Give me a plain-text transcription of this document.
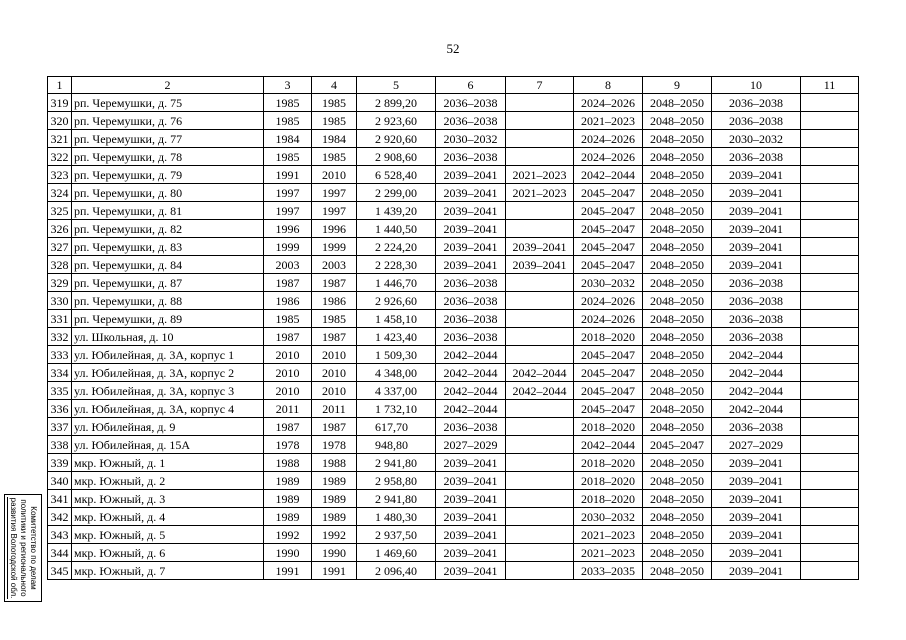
52
Комитетство по делам
политики и регионального
развития Вологодской обл.
1	2	3	4	5	6	7	8	9	10	11
319	рп. Черемушки, д. 75	1985	1985	2 899,20	2036–2038		2024–2026	2048–2050	2036–2038	
320	рп. Черемушки, д. 76	1985	1985	2 923,60	2036–2038		2021–2023	2048–2050	2036–2038	
321	рп. Черемушки, д. 77	1984	1984	2 920,60	2030–2032		2024–2026	2048–2050	2030–2032	
322	рп. Черемушки, д. 78	1985	1985	2 908,60	2036–2038		2024–2026	2048–2050	2036–2038	
323	рп. Черемушки, д. 79	1991	2010	6 528,40	2039–2041	2021–2023	2042–2044	2048–2050	2039–2041	
324	рп. Черемушки, д. 80	1997	1997	2 299,00	2039–2041	2021–2023	2045–2047	2048–2050	2039–2041	
325	рп. Черемушки, д. 81	1997	1997	1 439,20	2039–2041		2045–2047	2048–2050	2039–2041	
326	рп. Черемушки, д. 82	1996	1996	1 440,50	2039–2041		2045–2047	2048–2050	2039–2041	
327	рп. Черемушки, д. 83	1999	1999	2 224,20	2039–2041	2039–2041	2045–2047	2048–2050	2039–2041	
328	рп. Черемушки, д. 84	2003	2003	2 228,30	2039–2041	2039–2041	2045–2047	2048–2050	2039–2041	
329	рп. Черемушки, д. 87	1987	1987	1 446,70	2036–2038		2030–2032	2048–2050	2036–2038	
330	рп. Черемушки, д. 88	1986	1986	2 926,60	2036–2038		2024–2026	2048–2050	2036–2038	
331	рп. Черемушки, д. 89	1985	1985	1 458,10	2036–2038		2024–2026	2048–2050	2036–2038	
332	ул. Школьная, д. 10	1987	1987	1 423,40	2036–2038		2018–2020	2048–2050	2036–2038	
333	ул. Юбилейная, д. 3А, корпус 1	2010	2010	1 509,30	2042–2044		2045–2047	2048–2050	2042–2044	
334	ул. Юбилейная, д. 3А, корпус 2	2010	2010	4 348,00	2042–2044	2042–2044	2045–2047	2048–2050	2042–2044	
335	ул. Юбилейная, д. 3А, корпус 3	2010	2010	4 337,00	2042–2044	2042–2044	2045–2047	2048–2050	2042–2044	
336	ул. Юбилейная, д. 3А, корпус 4	2011	2011	1 732,10	2042–2044		2045–2047	2048–2050	2042–2044	
337	ул. Юбилейная, д. 9	1987	1987	617,70	2036–2038		2018–2020	2048–2050	2036–2038	
338	ул. Юбилейная, д. 15А	1978	1978	948,80	2027–2029		2042–2044	2045–2047	2027–2029	
339	мкр. Южный, д. 1	1988	1988	2 941,80	2039–2041		2018–2020	2048–2050	2039–2041	
340	мкр. Южный, д. 2	1989	1989	2 958,80	2039–2041		2018–2020	2048–2050	2039–2041	
341	мкр. Южный, д. 3	1989	1989	2 941,80	2039–2041		2018–2020	2048–2050	2039–2041	
342	мкр. Южный, д. 4	1989	1989	1 480,30	2039–2041		2030–2032	2048–2050	2039–2041	
343	мкр. Южный, д. 5	1992	1992	2 937,50	2039–2041		2021–2023	2048–2050	2039–2041	
344	мкр. Южный, д. 6	1990	1990	1 469,60	2039–2041		2021–2023	2048–2050	2039–2041	
345	мкр. Южный, д. 7	1991	1991	2 096,40	2039–2041		2033–2035	2048–2050	2039–2041	
